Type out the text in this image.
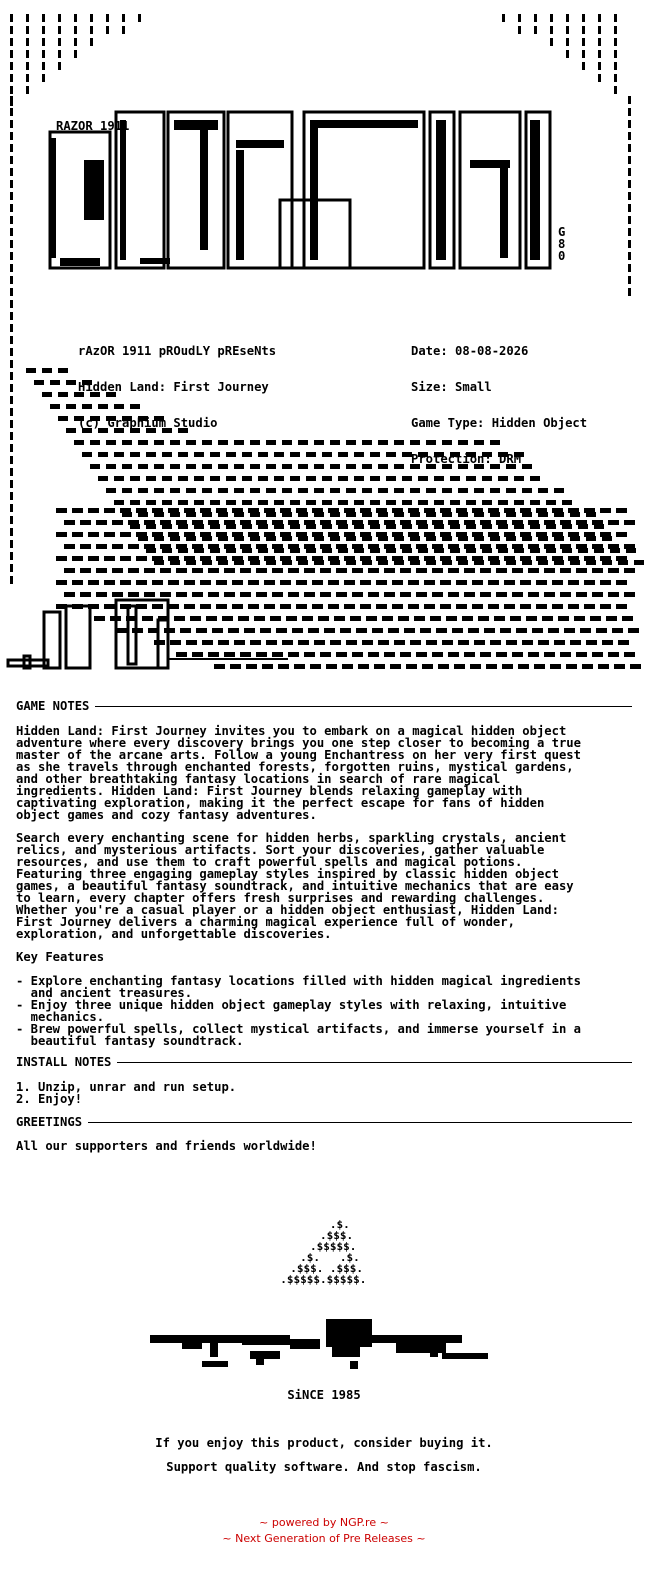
RAZOR 1911
G80

rAzOR 1911 pROudLY pREseNts

Hidden Land: First Journey

(c) Graphium Studio

Date: 08-08-2026

Size: Small

Game Type: Hidden Object

Protection: DRM

GAME NOTES
Hidden Land: First Journey invites you to embark on a magical hidden object
adventure where every discovery brings you one step closer to becoming a true
master of the arcane arts. Follow a young Enchantress on her very first quest
as she travels through enchanted forests, forgotten ruins, mystical gardens,
and other breathtaking fantasy locations in search of rare magical
ingredients. Hidden Land: First Journey blends relaxing gameplay with
captivating exploration, making it the perfect escape for fans of hidden
object games and cozy fantasy adventures.
Search every enchanting scene for hidden herbs, sparkling crystals, ancient
relics, and mysterious artifacts. Sort your discoveries, gather valuable
resources, and use them to craft powerful spells and magical potions.
Featuring three engaging gameplay styles inspired by classic hidden object
games, a beautiful fantasy soundtrack, and intuitive mechanics that are easy
to learn, every chapter offers fresh surprises and rewarding challenges.
Whether you're a casual player or a hidden object enthusiast, Hidden Land:
First Journey delivers a charming magical experience full of wonder,
exploration, and unforgettable discoveries.
Key Features
- Explore enchanting fantasy locations filled with hidden magical ingredients
and ancient treasures.
- Enjoy three unique hidden object gameplay styles with relaxing, intuitive
mechanics.
- Brew powerful spells, collect mystical artifacts, and immerse yourself in a
beautiful fantasy soundtrack.
INSTALL NOTES
1. Unzip, unrar and run setup.
2. Enjoy!
GREETINGS
All our supporters and friends worldwide!
.$.
.$$$.
.$$$$$.
.$.   .$.
.$$$. .$$$.
.$$$$$.$$$$$.
SiNCE 1985
If you enjoy this product, consider buying it.
Support quality software. And stop fascism.
~ powered by NGP.re ~
~ Next Generation of Pre Releases ~
